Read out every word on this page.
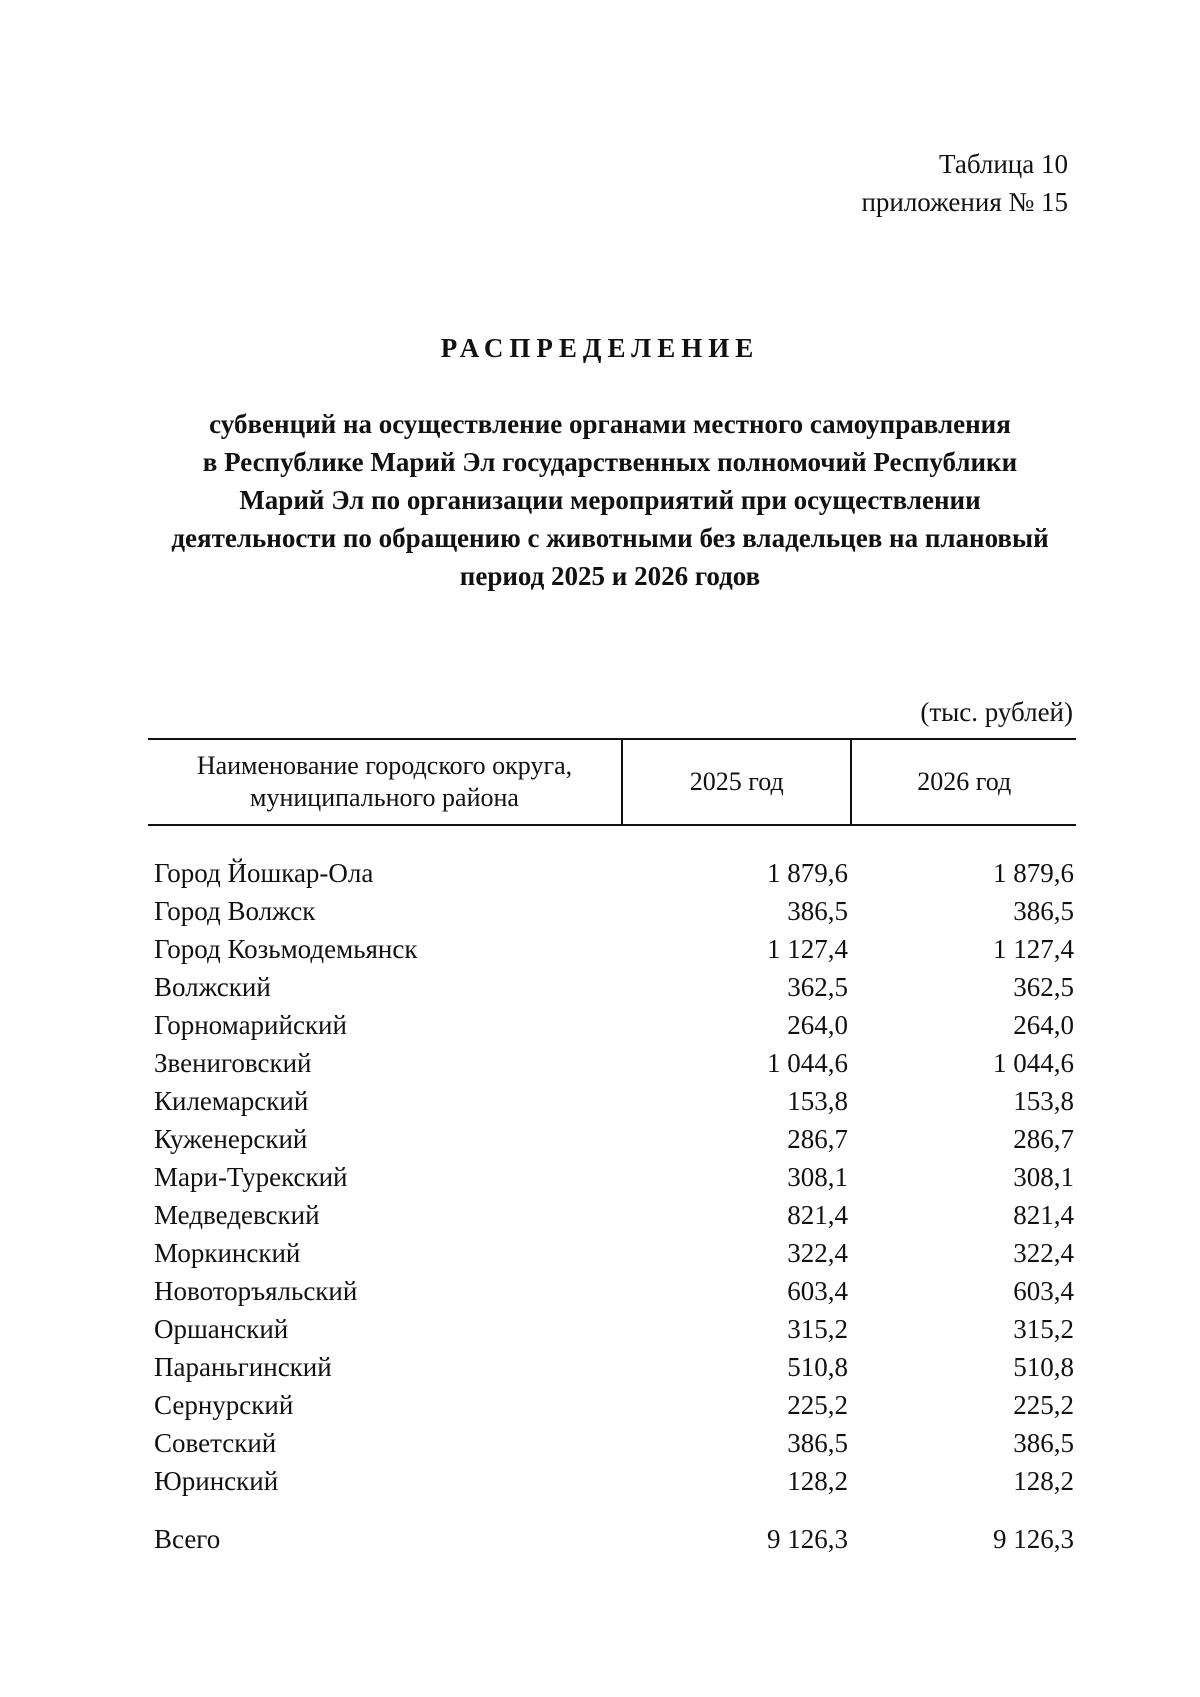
Таблица 10
приложения № 15
РАСПРЕДЕЛЕНИЕ
субвенций на осуществление органами местного самоуправления
в Республике Марий Эл государственных полномочий Республики
Марий Эл по организации мероприятий при осуществлении
деятельности по обращению с животными без владельцев на плановый
период 2025 и 2026 годов
(тыс. рублей)
Наименование городского округа,
муниципального района
2025 год	2026 год
Город Йошкар-Ола	1 879,6	1 879,6
Город Волжск	386,5	386,5
Город Козьмодемьянск	1 127,4	1 127,4
Волжский	362,5	362,5
Горномарийский	264,0	264,0
Звениговский	1 044,6	1 044,6
Килемарский	153,8	153,8
Куженерский	286,7	286,7
Мари-Турекский	308,1	308,1
Медведевский	821,4	821,4
Моркинский	322,4	322,4
Новоторъяльский	603,4	603,4
Оршанский	315,2	315,2
Параньгинский	510,8	510,8
Сернурский	225,2	225,2
Советский	386,5	386,5
Юринский	128,2	128,2
Всего	9 126,3	9 126,3
